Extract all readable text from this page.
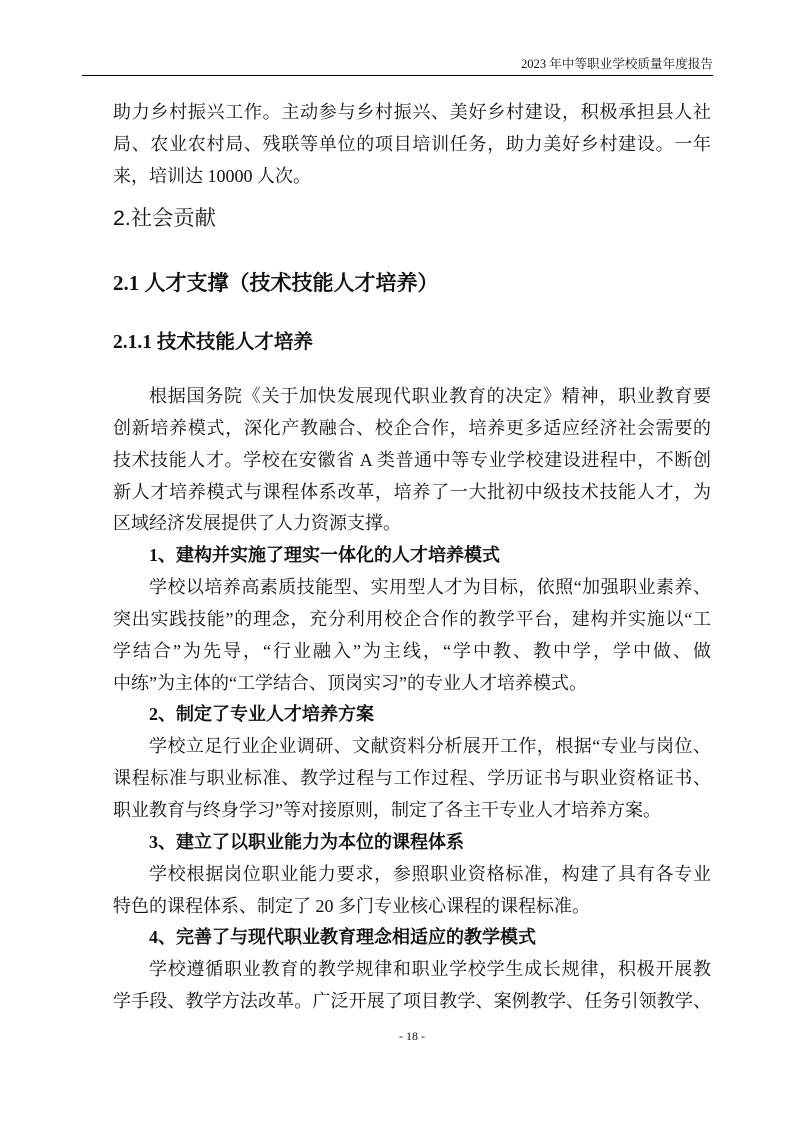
2023 年中等职业学校质量年度报告
助力乡村振兴工作。主动参与乡村振兴、美好乡村建设，积极承担县人社
局、农业农村局、残联等单位的项目培训任务，助力美好乡村建设。一年
来，培训达 10000 人次。
2.社会贡献
2.1 人才支撑（技术技能人才培养）
2.1.1 技术技能人才培养
根据国务院《关于加快发展现代职业教育的决定》精神，职业教育要
创新培养模式，深化产教融合、校企合作，培养更多适应经济社会需要的
技术技能人才。学校在安徽省 A 类普通中等专业学校建设进程中，不断创
新人才培养模式与课程体系改革，培养了一大批初中级技术技能人才，为
区域经济发展提供了人力资源支撑。
1、建构并实施了理实一体化的人才培养模式
学校以培养高素质技能型、实用型人才为目标，依照“加强职业素养、
突出实践技能”的理念，充分利用校企合作的教学平台，建构并实施以“工
学结合”为先导，“行业融入”为主线，“学中教、教中学，学中做、做
中练”为主体的“工学结合、顶岗实习”的专业人才培养模式。
2、制定了专业人才培养方案
学校立足行业企业调研、文献资料分析展开工作，根据“专业与岗位、
课程标准与职业标准、教学过程与工作过程、学历证书与职业资格证书、
职业教育与终身学习”等对接原则，制定了各主干专业人才培养方案。
3、建立了以职业能力为本位的课程体系
学校根据岗位职业能力要求，参照职业资格标准，构建了具有各专业
特色的课程体系、制定了 20 多门专业核心课程的课程标准。
4、完善了与现代职业教育理念相适应的教学模式
学校遵循职业教育的教学规律和职业学校学生成长规律，积极开展教
学手段、教学方法改革。广泛开展了项目教学、案例教学、任务引领教学、
- 18 -
